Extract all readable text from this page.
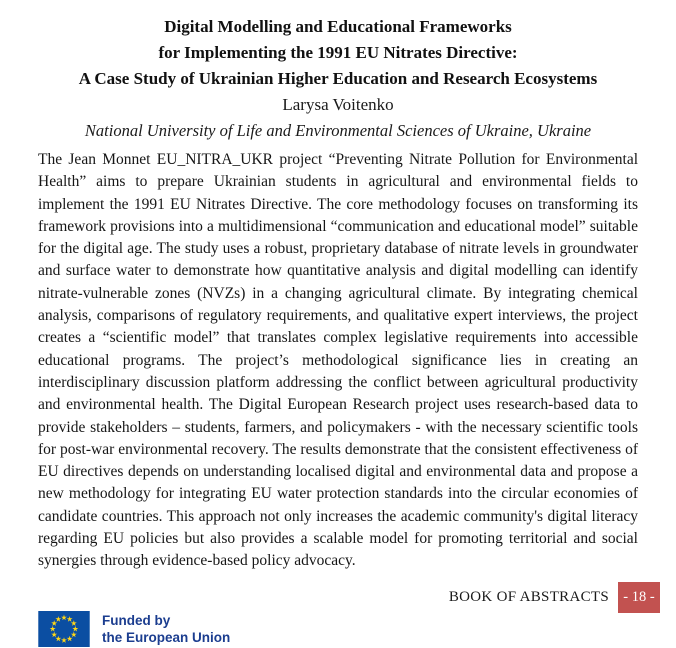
Digital Modelling and Educational Frameworks
for Implementing the 1991 EU Nitrates Directive:
A Case Study of Ukrainian Higher Education and Research Ecosystems
Larysa Voitenko
National University of Life and Environmental Sciences of Ukraine, Ukraine

The Jean Monnet EU_NITRA_UKR project “Preventing Nitrate Pollution for Environmental Health” aims to prepare Ukrainian students in agricultural and environmental fields to implement the 1991 EU Nitrates Directive. The core methodology focuses on transforming its framework provisions into a multidimensional “communication and educational model” suitable for the digital age. The study uses a robust, proprietary database of nitrate levels in groundwater and surface water to demonstrate how quantitative analysis and digital modelling can identify nitrate-vulnerable zones (NVZs) in a changing agricultural climate. By integrating chemical analysis, comparisons of regulatory requirements, and qualitative expert interviews, the project creates a “scientific model” that translates complex legislative requirements into accessible educational programs. The project’s methodological significance lies in creating an interdisciplinary discussion platform addressing the conflict between agricultural productivity and environmental health. The Digital European Research project uses research-based data to provide stakeholders – students, farmers, and policymakers - with the necessary scientific tools for post-war environmental recovery. The results demonstrate that the consistent effectiveness of EU directives depends on understanding localised digital and environmental data and propose a new methodology for integrating EU water protection standards into the circular economies of candidate countries. This approach not only increases the academic community's digital literacy regarding EU policies but also provides a scalable model for promoting territorial and social synergies through evidence-based policy advocacy.

BOOK OF ABSTRACTS - 18 -
Funded by
the European Union
